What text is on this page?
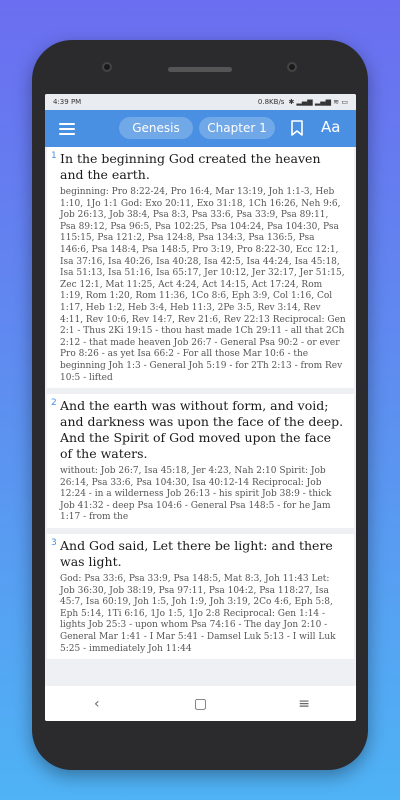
4:39 PM	0.8KB/s ✱ ▂▄▆ ▂▄▆ ≋ ▭
Genesis	Chapter 1	Aa
1 In the beginning God created the heaven and the earth.
beginning: Pro 8:22-24, Pro 16:4, Mar 13:19, Joh 1:1-3, Heb 1:10, 1Jo 1:1 God: Exo 20:11, Exo 31:18, 1Ch 16:26, Neh 9:6, Job 26:13, Job 38:4, Psa 8:3, Psa 33:6, Psa 33:9, Psa 89:11, Psa 89:12, Psa 96:5, Psa 102:25, Psa 104:24, Psa 104:30, Psa 115:15, Psa 121:2, Psa 124:8, Psa 134:3, Psa 136:5, Psa 146:6, Psa 148:4, Psa 148:5, Pro 3:19, Pro 8:22-30, Ecc 12:1, Isa 37:16, Isa 40:26, Isa 40:28, Isa 42:5, Isa 44:24, Isa 45:18, Isa 51:13, Isa 51:16, Isa 65:17, Jer 10:12, Jer 32:17, Jer 51:15, Zec 12:1, Mat 11:25, Act 4:24, Act 14:15, Act 17:24, Rom 1:19, Rom 1:20, Rom 11:36, 1Co 8:6, Eph 3:9, Col 1:16, Col 1:17, Heb 1:2, Heb 3:4, Heb 11:3, 2Pe 3:5, Rev 3:14, Rev 4:11, Rev 10:6, Rev 14:7, Rev 21:6, Rev 22:13 Reciprocal: Gen 2:1 - Thus 2Ki 19:15 - thou hast made 1Ch 29:11 - all that 2Ch 2:12 - that made heaven Job 26:7 - General Psa 90:2 - or ever Pro 8:26 - as yet Isa 66:2 - For all those Mar 10:6 - the beginning Joh 1:3 - General Joh 5:19 - for 2Th 2:13 - from Rev 10:5 - lifted
2 And the earth was without form, and void; and darkness was upon the face of the deep. And the Spirit of God moved upon the face of the waters.
without: Job 26:7, Isa 45:18, Jer 4:23, Nah 2:10 Spirit: Job 26:14, Psa 33:6, Psa 104:30, Isa 40:12-14 Reciprocal: Job 12:24 - in a wilderness Job 26:13 - his spirit Job 38:9 - thick Job 41:32 - deep Psa 104:6 - General Psa 148:5 - for he Jam 1:17 - from the
3 And God said, Let there be light: and there was light.
God: Psa 33:6, Psa 33:9, Psa 148:5, Mat 8:3, Joh 11:43 Let: Job 36:30, Job 38:19, Psa 97:11, Psa 104:2, Psa 118:27, Isa 45:7, Isa 60:19, Joh 1:5, Joh 1:9, Joh 3:19, 2Co 4:6, Eph 5:8, Eph 5:14, 1Ti 6:16, 1Jo 1:5, 1Jo 2:8 Reciprocal: Gen 1:14 - lights Job 25:3 - upon whom Psa 74:16 - The day Jon 2:10 - General Mar 1:41 - I Mar 5:41 - Damsel Luk 5:13 - I will Luk 5:25 - immediately Joh 11:44
‹	▢	≡
